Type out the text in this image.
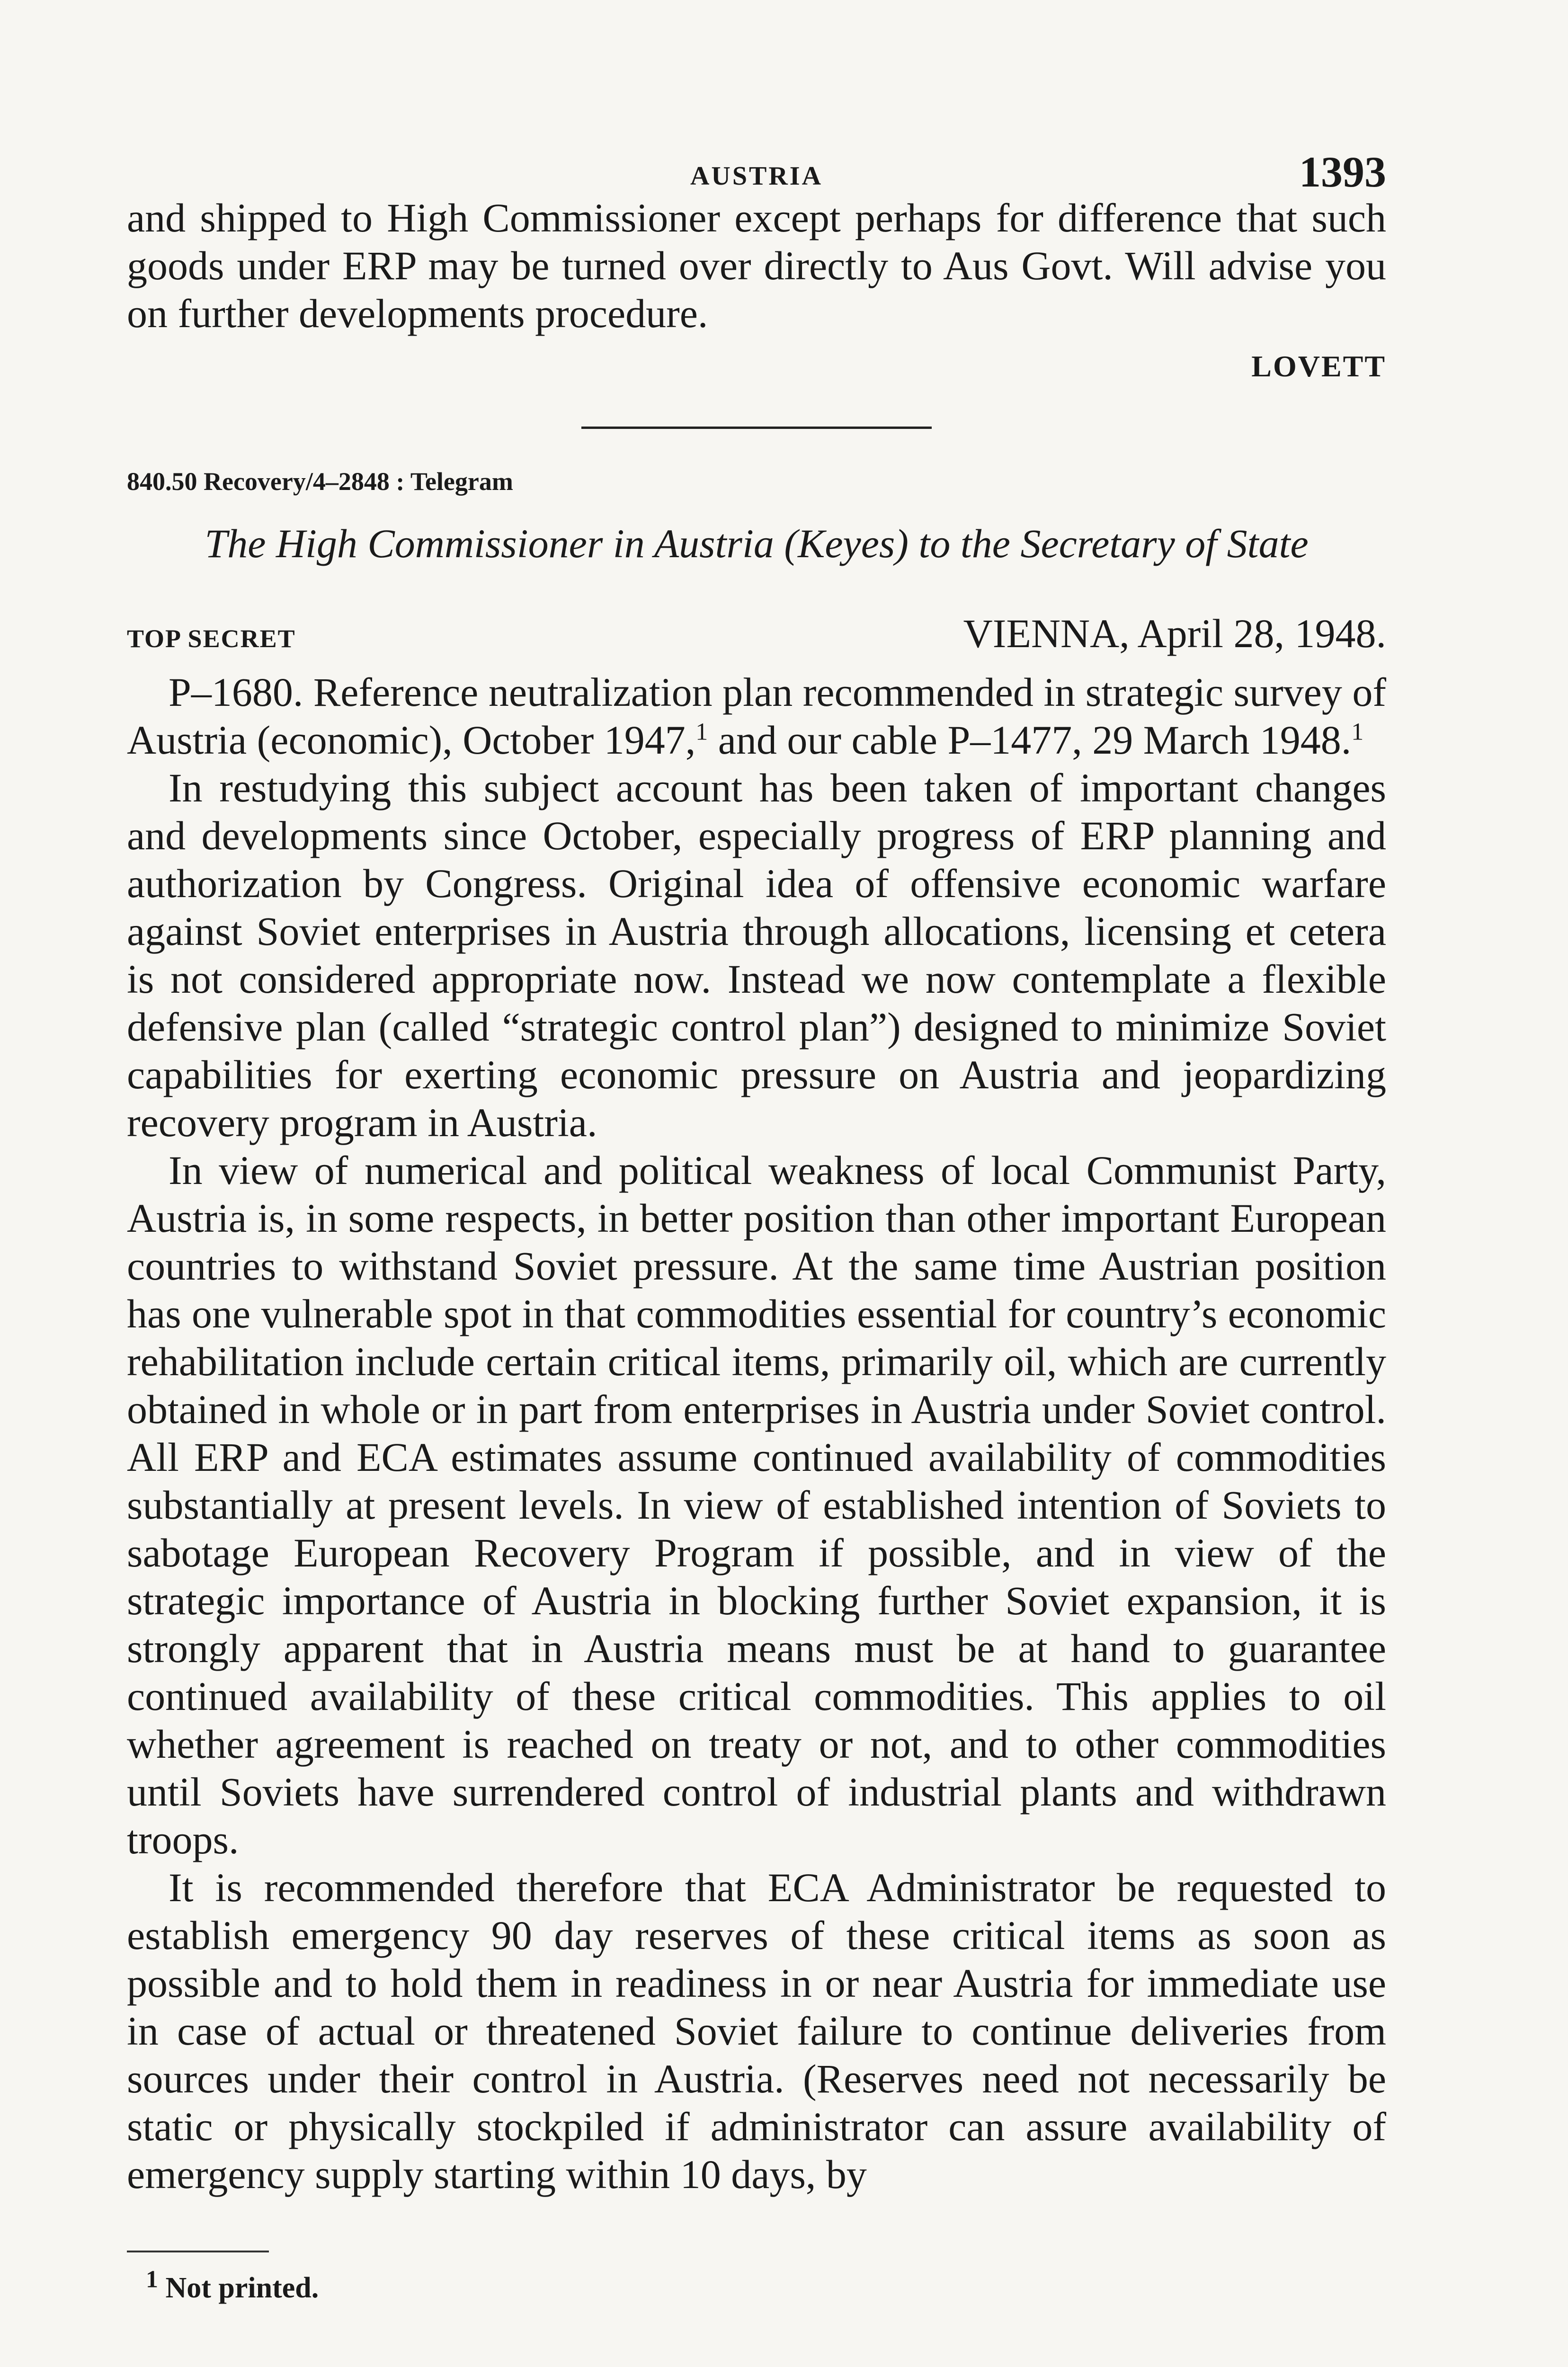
AUSTRIA	1393

and shipped to High Commissioner except perhaps for difference that such goods under ERP may be turned over directly to Aus Govt. Will advise you on further developments procedure.

LOVETT
840.50 Recovery/4–2848 : Telegram
The High Commissioner in Austria (Keyes) to the Secretary of State
TOP SECRET	VIENNA, April 28, 1948.

P–1680. Reference neutralization plan recommended in strategic survey of Austria (economic), October 1947,$^1$ and our cable P–1477, 29 March 1948.$^1$

In restudying this subject account has been taken of important changes and developments since October, especially progress of ERP planning and authorization by Congress. Original idea of offensive economic warfare against Soviet enterprises in Austria through allocations, licensing et cetera is not considered appropriate now. Instead we now contemplate a flexible defensive plan (called “strategic control plan”) designed to minimize Soviet capabilities for exerting economic pressure on Austria and jeopardizing recovery program in Austria.

In view of numerical and political weakness of local Communist Party, Austria is, in some respects, in better position than other important European countries to withstand Soviet pressure. At the same time Austrian position has one vulnerable spot in that commodities essential for country’s economic rehabilitation include certain critical items, primarily oil, which are currently obtained in whole or in part from enterprises in Austria under Soviet control. All ERP and ECA estimates assume continued availability of commodities substantially at present levels. In view of established intention of Soviets to sabotage European Recovery Program if possible, and in view of the strategic importance of Austria in blocking further Soviet expansion, it is strongly apparent that in Austria means must be at hand to guarantee continued availability of these critical commodities. This applies to oil whether agreement is reached on treaty or not, and to other commodities until Soviets have surrendered control of industrial plants and withdrawn troops.

It is recommended therefore that ECA Administrator be requested to establish emergency 90 day reserves of these critical items as soon as possible and to hold them in readiness in or near Austria for immediate use in case of actual or threatened Soviet failure to continue deliveries from sources under their control in Austria. (Reserves need not necessarily be static or physically stockpiled if administrator can assure availability of emergency supply starting within 10 days, by

$^1$ Not printed.
